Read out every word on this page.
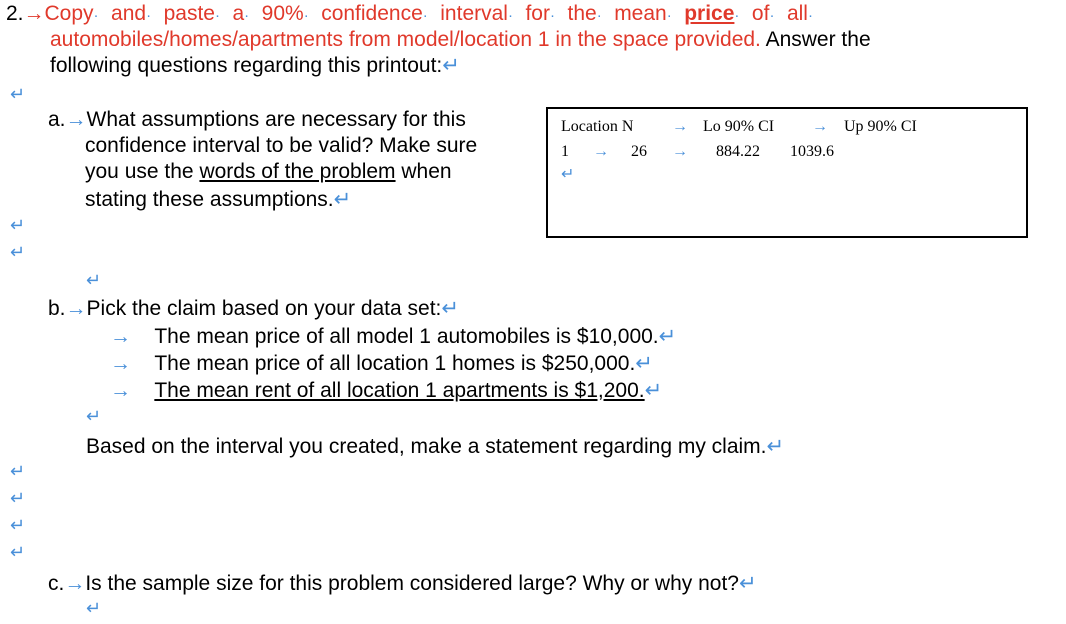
2.→Copy·   and·   paste·   a·   90%·   confidence·   interval·   for·   the·   mean·   price·   of·   all·
automobiles/homes/apartments from model/location 1 in the space provided. Answer the
following questions regarding this printout:↵
↵
a.→What assumptions are necessary for this
confidence interval to be valid? Make sure
you use the words of the problem when
stating these assumptions.↵
Location N → Lo 90% CI → Up 90% CI
1 → 26 → 884.22 1039.6
↵
↵
↵
↵
b.→Pick the claim based on your data set:↵
→ The mean price of all model 1 automobiles is $10,000.↵
→ The mean price of all location 1 homes is $250,000.↵
→ The mean rent of all location 1 apartments is $1,200.↵
↵
Based on the interval you created, make a statement regarding my claim.↵
↵
↵
↵
↵
c.→Is the sample size for this problem considered large? Why or why not?↵
↵
